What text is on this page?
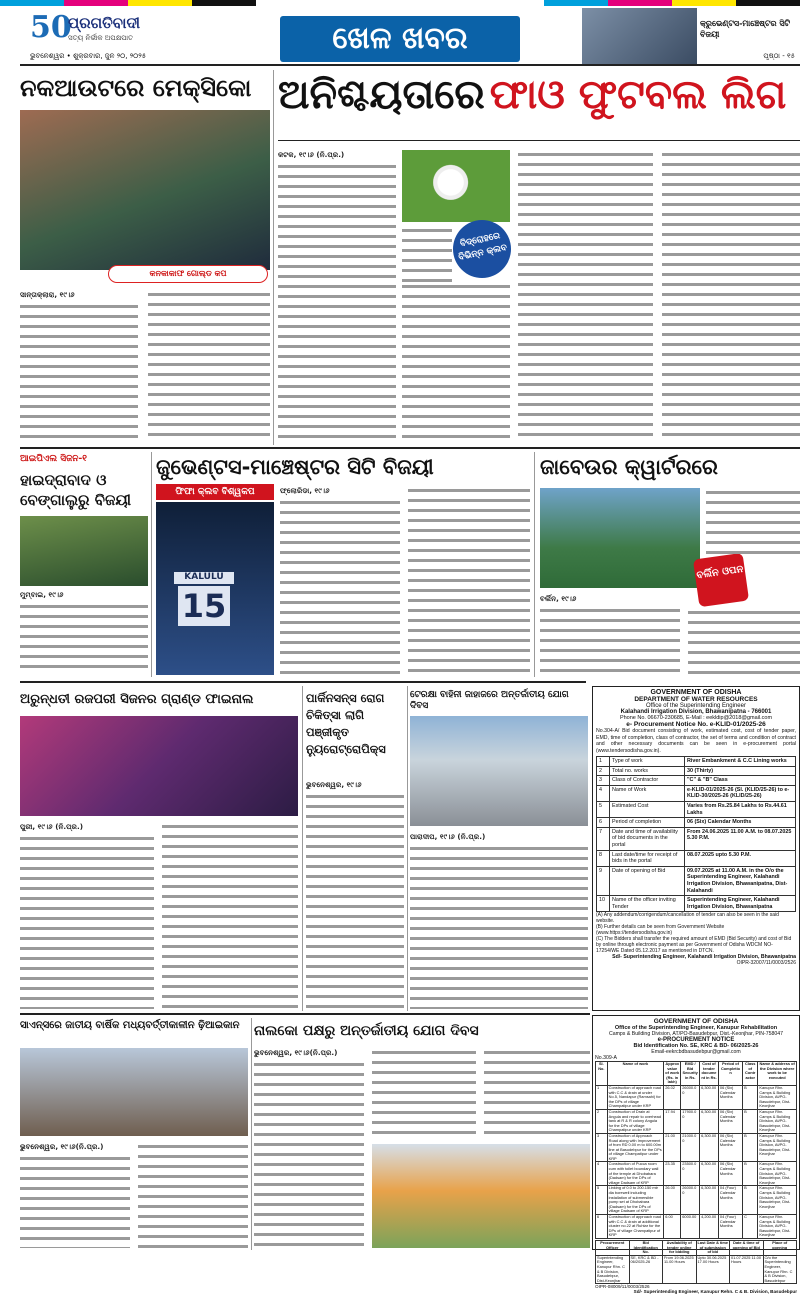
50
ପ୍ରଗତିବାଦୀ
ସତ୍ୟ ନିର୍ଭୀକ ଅପକ୍ଷପାତ
ଭୁବନେଶ୍ୱର • ଶୁକ୍ରବାର, ଜୁନ ୨୦, ୨୦୨୫	ଖେଳ ଖବର	କ୍ରୁଭେଣ୍ଟସ-ମାଞ୍ଚେଷ୍ଟର ସିଟି ବିଜୟୀ
ପୃଷ୍ଠା - ୧୫
ନକଆଉଟରେ ମେକ୍ସିକୋ
କନକାକାଫ ଗୋଲ୍ଡ କପ
ସାନ୍ତାକ୍ଲାରା, ୧୯।୬
ଅନିଶ୍ଚୟତାରେ ଫାଓ ଫୁଟବଲ ଲିଗ
କଟକ, ୧୯।୬ (ନି.ପ୍ର.)
ବିଦ୍ରୋହରେ ବିଭିନ୍ନ କ୍ଲବ
ଆଇପିଏଲ ସିଜନ-୧
ହାଇଦ୍ରାବାଦ ଓ ବେଙ୍ଗାଲୁରୁ ବିଜୟୀ
ମୁମ୍ବାଇ, ୧୯।୬
ଜୁଭେଣ୍ଟସ-ମାଞ୍ଚେଷ୍ଟର ସିଟି ବିଜୟୀ
ଫିଫା କ୍ଲବ ବିଶ୍ୱକପ
KALULU
15
ଫ୍ଲୋରିଡା, ୧୯।୬
ଜାବେଉର କ୍ୱାର୍ଟରରେ
ବର୍ଲିନ ଓପନ
ବର୍ଲିନ, ୧୯।୬
ଅରୁନ୍ଧତୀ ରଜପରୀ ସିଜନର ଗ୍ରାଣ୍ଡ ଫାଇନାଲ
ପୁରୀ, ୧୯।୬ (ନି.ପ୍ର.)
ପାର୍କିନସନ୍ସ ରୋଗ ଚିକିତ୍ସା ଲାଗି ପଞ୍ଜୀକୃତ ନ୍ୟୁରୋଟ୍ରୋପିକ୍ସ
ଭୁବନେଶ୍ୱର, ୧୯।୬
ଟେରକ୍ଷା ବାହିନୀ ଜାହାଜରେ ଅନ୍ତର୍ଜାତୀୟ ଯୋଗ ଦିବସ
ପାରାଦୀପ, ୧୯।୬ (ନି.ପ୍ର.)
GOVERNMENT OF ODISHA
DEPARTMENT OF WATER RESOURCES
Office of the Superintending Engineer
Kalahandi Irrigation Division, Bhawanipatna - 766001
Phone No. 06670-230685, E-Mail : eekldip@2018@gmail.com
e- Procurement Notice No. e-KLID-01/2025-26
No.304-A/ Bid document consisting of work, estimated cost, cost of tender paper, EMD, time of completion, class of contractor, the set of terms and condition of contract and other necessary documents can be seen in e-procurement portal (www.tendersodisha.gov.in).
1	Type of work	River Embankment & C.C Lining works
2	Total no. works	30 (Thirty)
3	Class of Contractor	"C" & "B" Class
4	Name of Work	e-KLID-01/2025-26 (Sl. (KLID/25-26) to e-KLID-30/2025-26 (KLID/25-26)
5	Estimated Cost	Varies from Rs.25.84 Lakhs to Rs.44.61 Lakhs
6	Period of completion	06 (Six) Calendar Months
7	Date and time of availability of bid documents in the portal	From 24.06.2025 11.00 A.M. to 08.07.2025 5.30 P.M.
8	Last date/time for receipt of bids in the portal	08.07.2025 upto 5.30 P.M.
9	Date of opening of Bid	09.07.2025 at 11.00 A.M. in the O/o the Superintending Engineer, Kalahandi Irrigation Division, Bhawanipatna, Dist-Kalahandi
10	Name of the officer inviting Tender	Superintending Engineer, Kalahandi Irrigation Division, Bhawanipatna
(A) Any addendum/corrigendum/cancellation of tender can also be seen in the said website.
(B) Further details can be seen from Government Website (www.https://tendersodisha.gov.in)
(C) The Bidders shall transfer the required amount of EMD (Bid Security) and cost of Bid by online through electronic payment as per Government of Odisha WDCM NO-17254/WE Dated 05.12.2017 as mentioned in DTCN.
Sd/- Superintending Engineer, Kalahandi Irrigation Division, Bhawanipatna
OIPR-32007/11/0003/2526
ସାଏନ୍ସରେ ଜାତୀୟ ବାର୍ଷିକ ମଧ୍ୟବର୍ତ୍ତୀକାଳୀନ ଢ଼ିଆଇକାନ
ଭୁବନେଶ୍ୱର, ୧୯।୬(ନି.ପ୍ର.)
ନାଲକୋ ପକ୍ଷରୁ ଅନ୍ତର୍ଜାତୀୟ ଯୋଗ ଦିବସ
ଭୁବନେଶ୍ୱର, ୧୯।୬(ନି.ପ୍ର.)
GOVERNMENT OF ODISHA
Office of the Superintending Engineer, Kanupur Rehabilitation
Camps & Building Division, AT/PO-Basudebpur, Dist.-Keonjhar, PIN-758047
e-PROCUREMENT NOTICE
Bid Identification No. SE, KRC & BD- 06/2025-26
Email-eekrcbdbasudebpur@gmail.com
No.309-A
Sl. No.	Name of work	Approx value of work (Rs. in lakh)	EMD / Bid Security in Rs.	Cost of tender document in Rs.	Period of Completion	Class of Contractor	Name & address of the Division where work to be executed
1	Construction of approach road with C.C & drain at under No.5, Nandapur (Ramsahi) for the DPs of village Champatipur under KRP	26.02	26000.00	6,300.00	06 (Six) Calendar Months	B	Kanupur Rhn. Camps & Building Division, At/PO-Basudebpur, Dist-Keonjhar
2	Construction of Drain at Angula and repair to overhead tank at R & R colony Angula for the DPs of village Champatipur under KRP	17.94	17900.00	6,300.00	06 (Six) Calendar Months	B	Kanupur Rhn. Camps & Building Division, At/PO-Basudebpur, Dist-Keonjhar
3	Construction of Approach Road along with Improvement of from RD 0.00 m to 600.00m line at Basudebpur for the DPs of village Champatipur under KRP	21.00	21000.00	6,300.00	06 (Six) Calendar Months	B	Kanupur Rhn. Camps & Building Division, At/PO-Basudebpur, Dist-Keonjhar
4	Construction of Pucca room cum with toilet boundary wall of the temple at Dhobabara (Dadsam) for the DPs of village Dadsam of KRP	23.35	23500.00	6,300.00	06 (Six) Calendar Months	B	Kanupur Rhn. Camps & Building Division, At/PO-Basudebpur, Dist-Keonjhar
5	Linking of 0.0 to 200.150 mtr dia borewell including installation of submersible pump set at Dhobabara (Dadsam) for the DPs of village Dadsam of KRP	26.00	26000.00	6,300.00	04 (Four) Calendar Months	B	Kanupur Rhn. Camps & Building Division, At/PO-Basudebpur, Dist-Keonjhar
6	Construction of approach road with C.C & drain at additional cluster no.22 at Ruhtar for the DPs of village Champatipur of KRP	6.00	6000.00	4,200.00	04 (Four) Calendar Months	C	Kanupur Rhn. Camps & Building Division, At/PO-Basudebpur, Dist-Keonjhar
Procurement Officer	Bid Identification No.	Availability of tender online for bidding	Last Date & time of submission of bid	Date & time of opening of Bid	Place of opening
Superintending Engineer, Kanupur Rhn. C & B Division, Basudebpur, Dist-Keonjhar	SE, KRC & BD - 06/2025-26	From 19.06.2025 11.00 Hours	Upto 30.06.2025 17.00 Hours	01.07.2025 11.00 Hours	O/o the Superintending Engineer, Kanupur Rhn. C & B Division, Basudebpur
OIPR-08009/11/0003/2526
Sd/- Superintending Engineer, Kanupur Rehn. C & B. Division, Basudebpur
